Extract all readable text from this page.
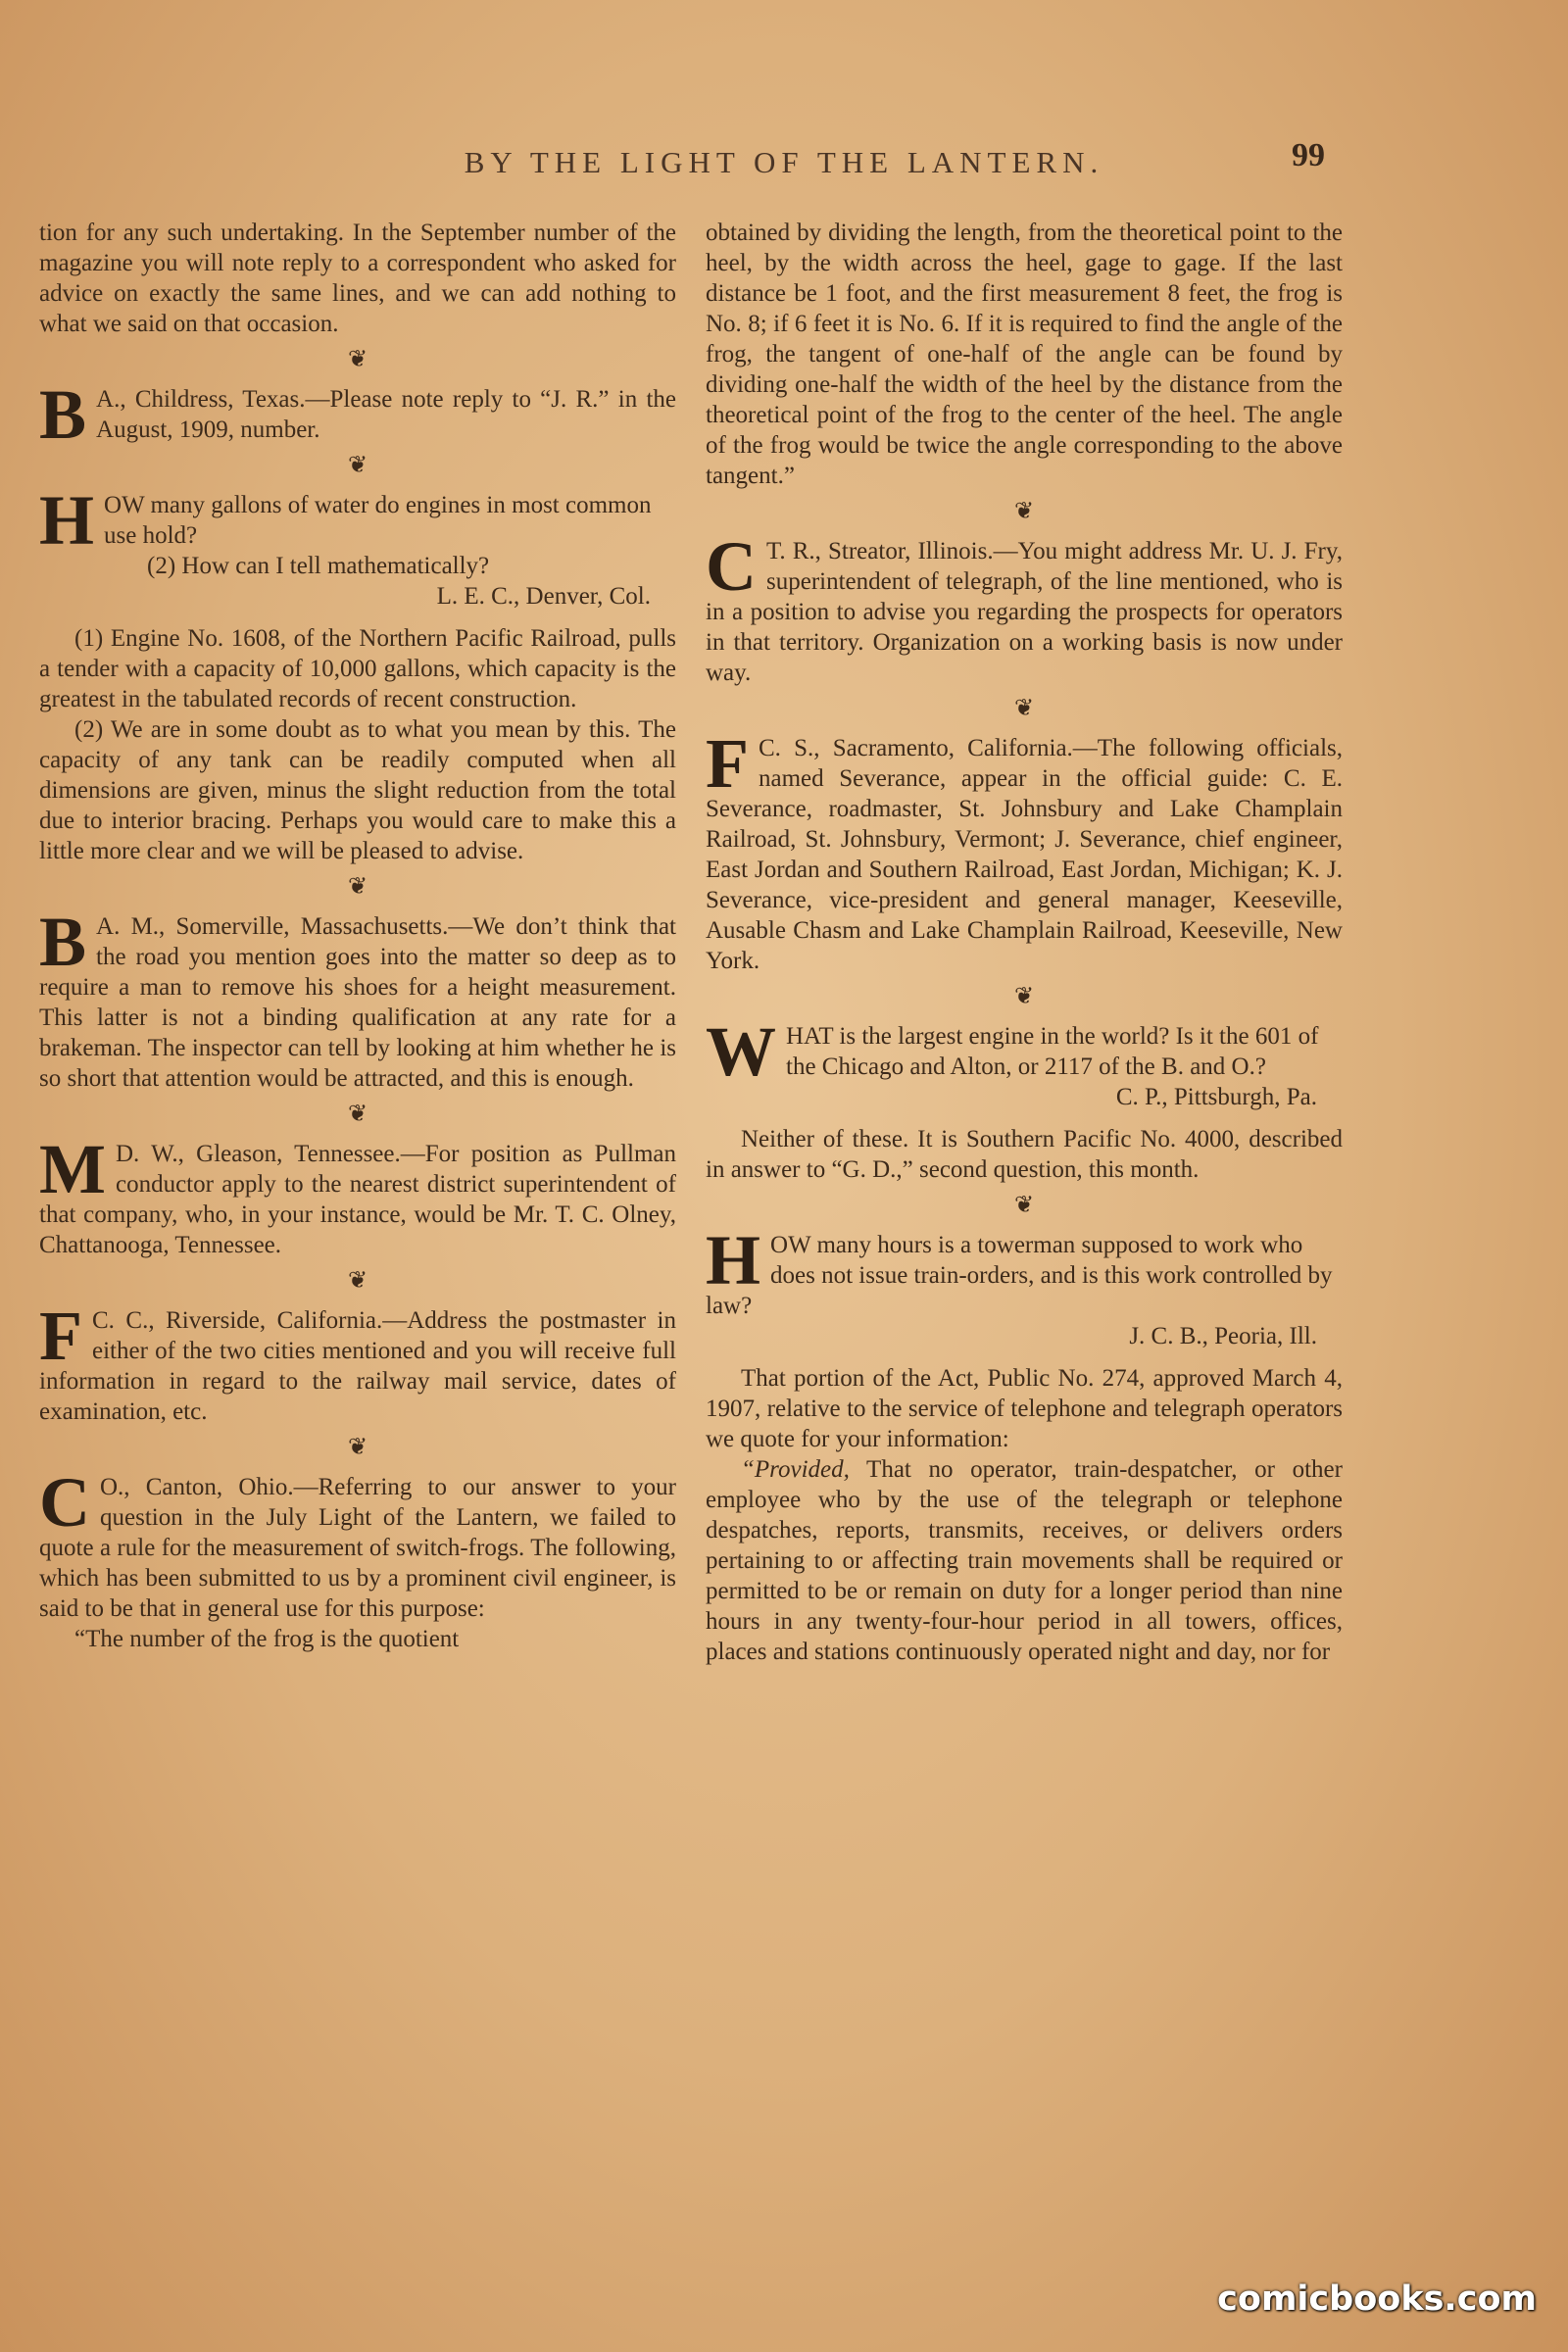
BY THE LIGHT OF THE LANTERN.	99

tion for any such undertaking. In the September number of the magazine you will note reply to a correspondent who asked for advice on exactly the same lines, and we can add nothing to what we said on that occasion.

❦
B A., Childress, Texas.—Please note reply to “J. R.” in the August, 1909, number.

❦
H OW many gallons of water do engines in most common use hold?

(2) How can I tell mathematically?

L. E. C., Denver, Col.

(1) Engine No. 1608, of the Northern Pacific Railroad, pulls a tender with a capacity of 10,000 gallons, which capacity is the greatest in the tabulated records of recent construction.

(2) We are in some doubt as to what you mean by this. The capacity of any tank can be readily computed when all dimensions are given, minus the slight reduction from the total due to interior bracing. Perhaps you would care to make this a little more clear and we will be pleased to advise.

❦
B A. M., Somerville, Massachusetts.—We don’t think that the road you mention goes into the matter so deep as to require a man to remove his shoes for a height measurement. This latter is not a binding qualification at any rate for a brakeman. The inspector can tell by looking at him whether he is so short that attention would be attracted, and this is enough.

❦
M D. W., Gleason, Tennessee.—For position as Pullman conductor apply to the nearest district superintendent of that company, who, in your instance, would be Mr. T. C. Olney, Chattanooga, Tennessee.

❦
F C. C., Riverside, California.—Address the postmaster in either of the two cities mentioned and you will receive full information in regard to the railway mail service, dates of examination, etc.

❦
C O., Canton, Ohio.—Referring to our answer to your question in the July Light of the Lantern, we failed to quote a rule for the measurement of switch-frogs. The following, which has been submitted to us by a prominent civil engineer, is said to be that in general use for this purpose:

“The number of the frog is the quotient

obtained by dividing the length, from the theoretical point to the heel, by the width across the heel, gage to gage. If the last distance be 1 foot, and the first measurement 8 feet, the frog is No. 8; if 6 feet it is No. 6. If it is required to find the angle of the frog, the tangent of one-half of the angle can be found by dividing one-half the width of the heel by the distance from the theoretical point of the frog to the center of the heel. The angle of the frog would be twice the angle corresponding to the above tangent.”

❦
C T. R., Streator, Illinois.—You might address Mr. U. J. Fry, superintendent of telegraph, of the line mentioned, who is in a position to advise you regarding the prospects for operators in that territory. Organization on a working basis is now under way.

❦
F C. S., Sacramento, California.—The following officials, named Severance, appear in the official guide: C. E. Severance, roadmaster, St. Johnsbury and Lake Champlain Railroad, St. Johnsbury, Vermont; J. Severance, chief engineer, East Jordan and Southern Railroad, East Jordan, Michigan; K. J. Severance, vice-president and general manager, Keeseville, Ausable Chasm and Lake Champlain Railroad, Keeseville, New York.

❦
W HAT is the largest engine in the world? Is it the 601 of the Chicago and Alton, or 2117 of the B. and O.?

C. P., Pittsburgh, Pa.

Neither of these. It is Southern Pacific No. 4000, described in answer to “G. D.,” second question, this month.

❦
H OW many hours is a towerman supposed to work who does not issue train-orders, and is this work controlled by law?

J. C. B., Peoria, Ill.

That portion of the Act, Public No. 274, approved March 4, 1907, relative to the service of telephone and telegraph operators we quote for your information:

“Provided, That no operator, train-despatcher, or other employee who by the use of the telegraph or telephone despatches, reports, transmits, receives, or delivers orders pertaining to or affecting train movements shall be required or permitted to be or remain on duty for a longer period than nine hours in any twenty-four-hour period in all towers, offices, places and stations continuously operated night and day, nor for

comicbooks.com
